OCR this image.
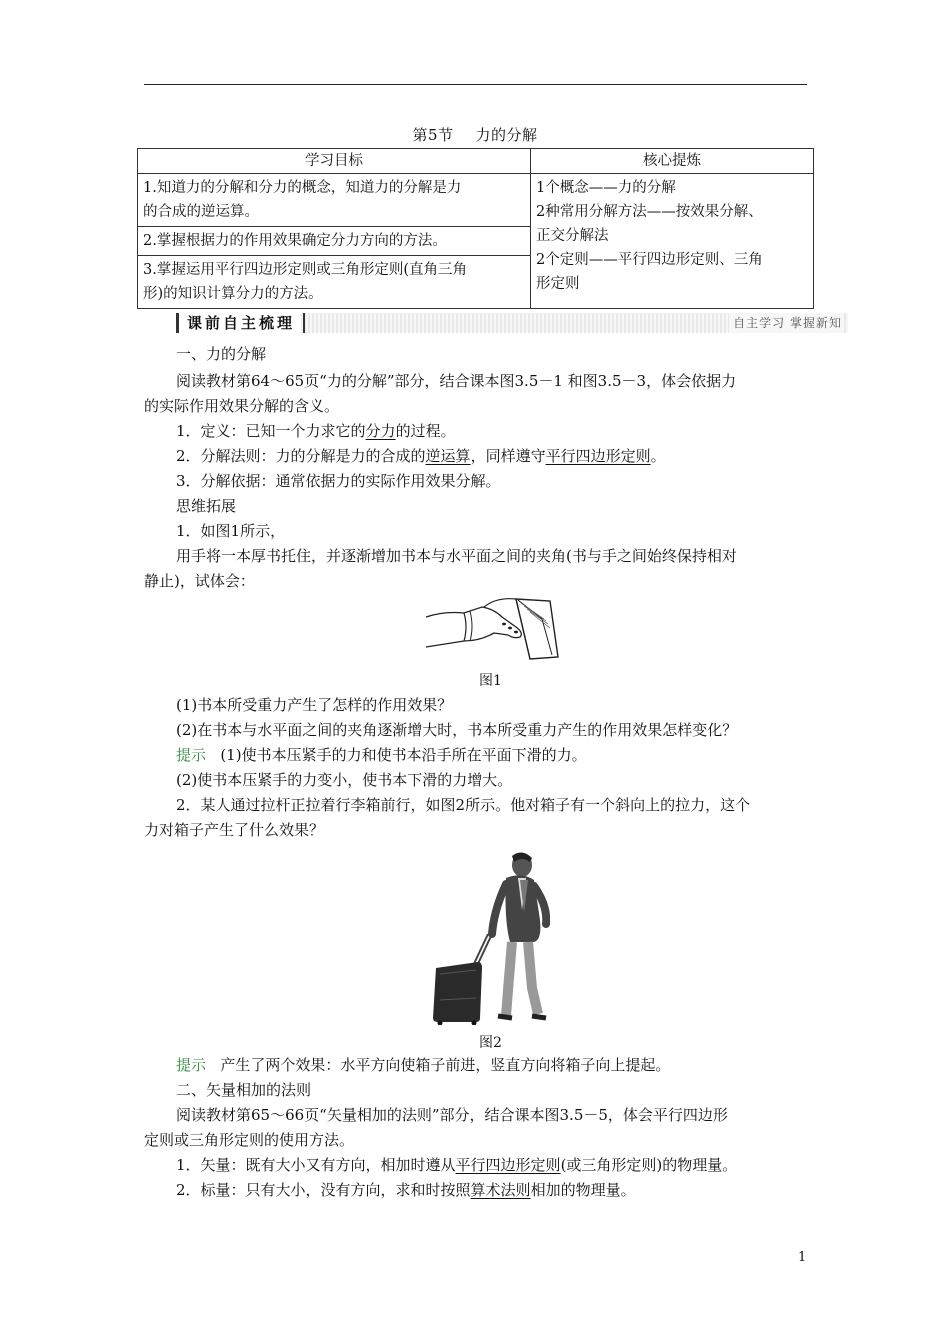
第5节 力的分解
学习目标	核心提炼

1.知道力的分解和分力的概念，知道力的分解是力
的合成的逆运算。	1个概念——力的分解
2种常用分解方法——按效果分解、
正交分解法
2个定则——平行四边形定则、三角
形定则

2.掌握根据力的作用效果确定分力方向的方法。	

3.掌握运用平行四边形定则或三角形定则(直角三角
形)的知识计算分力的方法。	
课前自主梳理	自主学习 掌握新知
一、力的分解
阅读教材第64～65页“力的分解”部分，结合课本图3.5－1 和图3.5－3，体会依据力
的实际作用效果分解的含义。
1．定义：已知一个力求它的分力的过程。
2．分解法则：力的分解是力的合成的逆运算，同样遵守平行四边形定则。
3．分解依据：通常依据力的实际作用效果分解。
思维拓展
1．如图1所示，
用手将一本厚书托住，并逐渐增加书本与水平面之间的夹角(书与手之间始终保持相对
静止)，试体会：
图1
(1)书本所受重力产生了怎样的作用效果？
(2)在书本与水平面之间的夹角逐渐增大时，书本所受重力产生的作用效果怎样变化？
提示 (1)使书本压紧手的力和使书本沿手所在平面下滑的力。
(2)使书本压紧手的力变小，使书本下滑的力增大。
2．某人通过拉杆正拉着行李箱前行，如图2所示。他对箱子有一个斜向上的拉力，这个
力对箱子产生了什么效果？
图2
提示 产生了两个效果：水平方向使箱子前进，竖直方向将箱子向上提起。
二、矢量相加的法则
阅读教材第65～66页“矢量相加的法则”部分，结合课本图3.5－5，体会平行四边形
定则或三角形定则的使用方法。
1．矢量：既有大小又有方向，相加时遵从平行四边形定则(或三角形定则)的物理量。
2．标量：只有大小，没有方向，求和时按照算术法则相加的物理量。
1
